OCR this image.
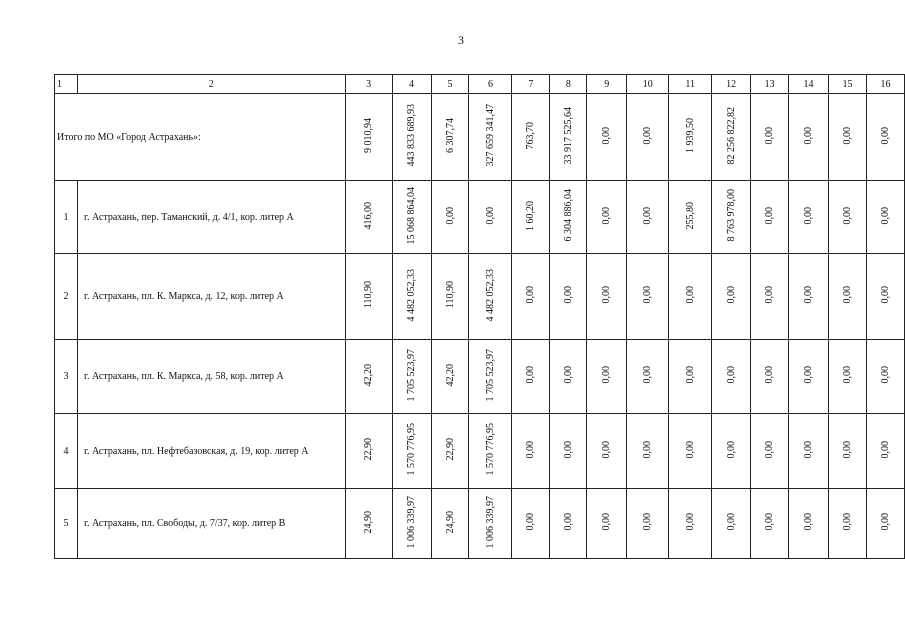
3
1	2	3	4	5	6	7	8	9	10	11	12	13	14	15	16
Итого по МО «Город Астрахань»:		9 010,94	443 833 689,93	6 307,74	327 659 341,47	763,70	33 917 525,64	0,00	0,00	1 939,50	82 256 822,82	0,00	0,00	0,00	0,00
1	г. Астрахань, пер. Таманский, д. 4/1, кор. литер А	416,00	15 068 864,04	0,00	0,00	1 60,20	6 304 886,04	0,00	0,00	255,80	8 763 978,00	0,00	0,00	0,00	0,00
2	г. Астрахань, пл. К. Маркса, д. 12, кор. литер А	110,90	4 482 052,33	110,90	4 482 052,33	0,00	0,00	0,00	0,00	0,00	0,00	0,00	0,00	0,00	0,00
3	г. Астрахань, пл. К. Маркса, д. 58, кор. литер А	42,20	1 705 523,97	42,20	1 705 523,97	0,00	0,00	0,00	0,00	0,00	0,00	0,00	0,00	0,00	0,00
4	г. Астрахань, пл. Нефтебазовская, д. 19, кор. литер А	22,90	1 570 776,95	22,90	1 570 776,95	0,00	0,00	0,00	0,00	0,00	0,00	0,00	0,00	0,00	0,00
5	г. Астрахань, пл. Свободы, д. 7/37, кор. литер В	24,90	1 006 339,97	24,90	1 006 339,97	0,00	0,00	0,00	0,00	0,00	0,00	0,00	0,00	0,00	0,00
